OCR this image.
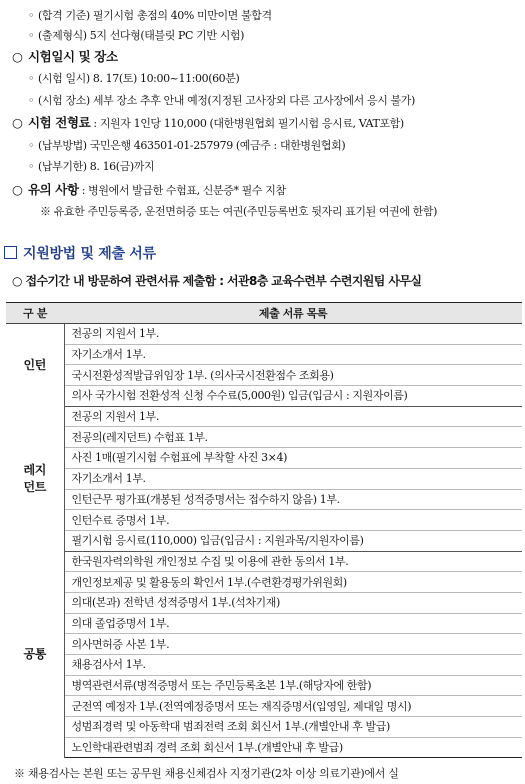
◦ (합격 기준) 필기시험 총점의 40% 미만이면 불합격
◦ (출제형식) 5지 선다형(태블릿 PC 기반 시험)
○ 시험일시 및 장소
◦ (시험 일시) 8. 17(토) 10:00~11:00(60분)
◦ (시험 장소) 세부 장소 추후 안내 예정(지정된 고사장외 다른 고사장에서 응시 불가)
○ 시험 전형료 : 지원자 1인당 110,000 (대한병원협회 필기시험 응시료, VAT포함)
◦ (납부방법) 국민은행 463501-01-257979 (예금주 : 대한병원협회)
◦ (납부기한) 8. 16(금)까지
○ 유의 사항 : 병원에서 발급한 수험표, 신분증* 필수 지참
※ 유효한 주민등록증, 운전면허증 또는 여권(주민등록번호 뒷자리 표기된 여권에 한함)
지원방법 및 제출 서류
○ 접수기간 내 방문하여 관련서류 제출함 : 서관8층 교육수련부 수련지원팀 사무실
구 분	제출 서류 목록
인턴	전공의 지원서 1부.
	자기소개서 1부.
	국시전환성적발급위임장 1부. (의사국시전환점수 조회용)
	의사 국가시험 전환성적 신청 수수료(5,000원) 입금(입금시 : 지원자이름)
레지
던트	전공의 지원서 1부.
	전공의(레지던트) 수험표 1부.
	사진 1매(필기시험 수험표에 부착할 사진 3×4)
	자기소개서 1부.
	인턴근무 평가표(개봉된 성적증명서는 접수하지 않음) 1부.
	인턴수료 증명서 1부.
	필기시험 응시료(110,000) 입금(입금시 : 지원과목/지원자이름)
공통	한국원자력의학원 개인정보 수집 및 이용에 관한 동의서 1부.
	개인정보제공 및 활용동의 확인서 1부.(수련환경평가위원회)
	의대(본과) 전학년 성적증명서 1부.(석차기재)
	의대 졸업증명서 1부.
	의사면허증 사본 1부.
	채용검사서 1부.
	병역관련서류(병적증명서 또는 주민등록초본 1부.(해당자에 한함)
	군전역 예정자 1부.(전역예정증명서 또는 재직증명서(입영일, 제대일 명시)
	성범죄경력 및 아동학대 범죄전력 조회 회신서 1부.(개별안내 후 발급)
	노인학대관련범죄 경력 조회 회신서 1부.(개별안내 후 발급)
※ 채용검사는 본원 또는 공무원 채용신체검사 지정기관(2차 이상 의료기관)에서 실
